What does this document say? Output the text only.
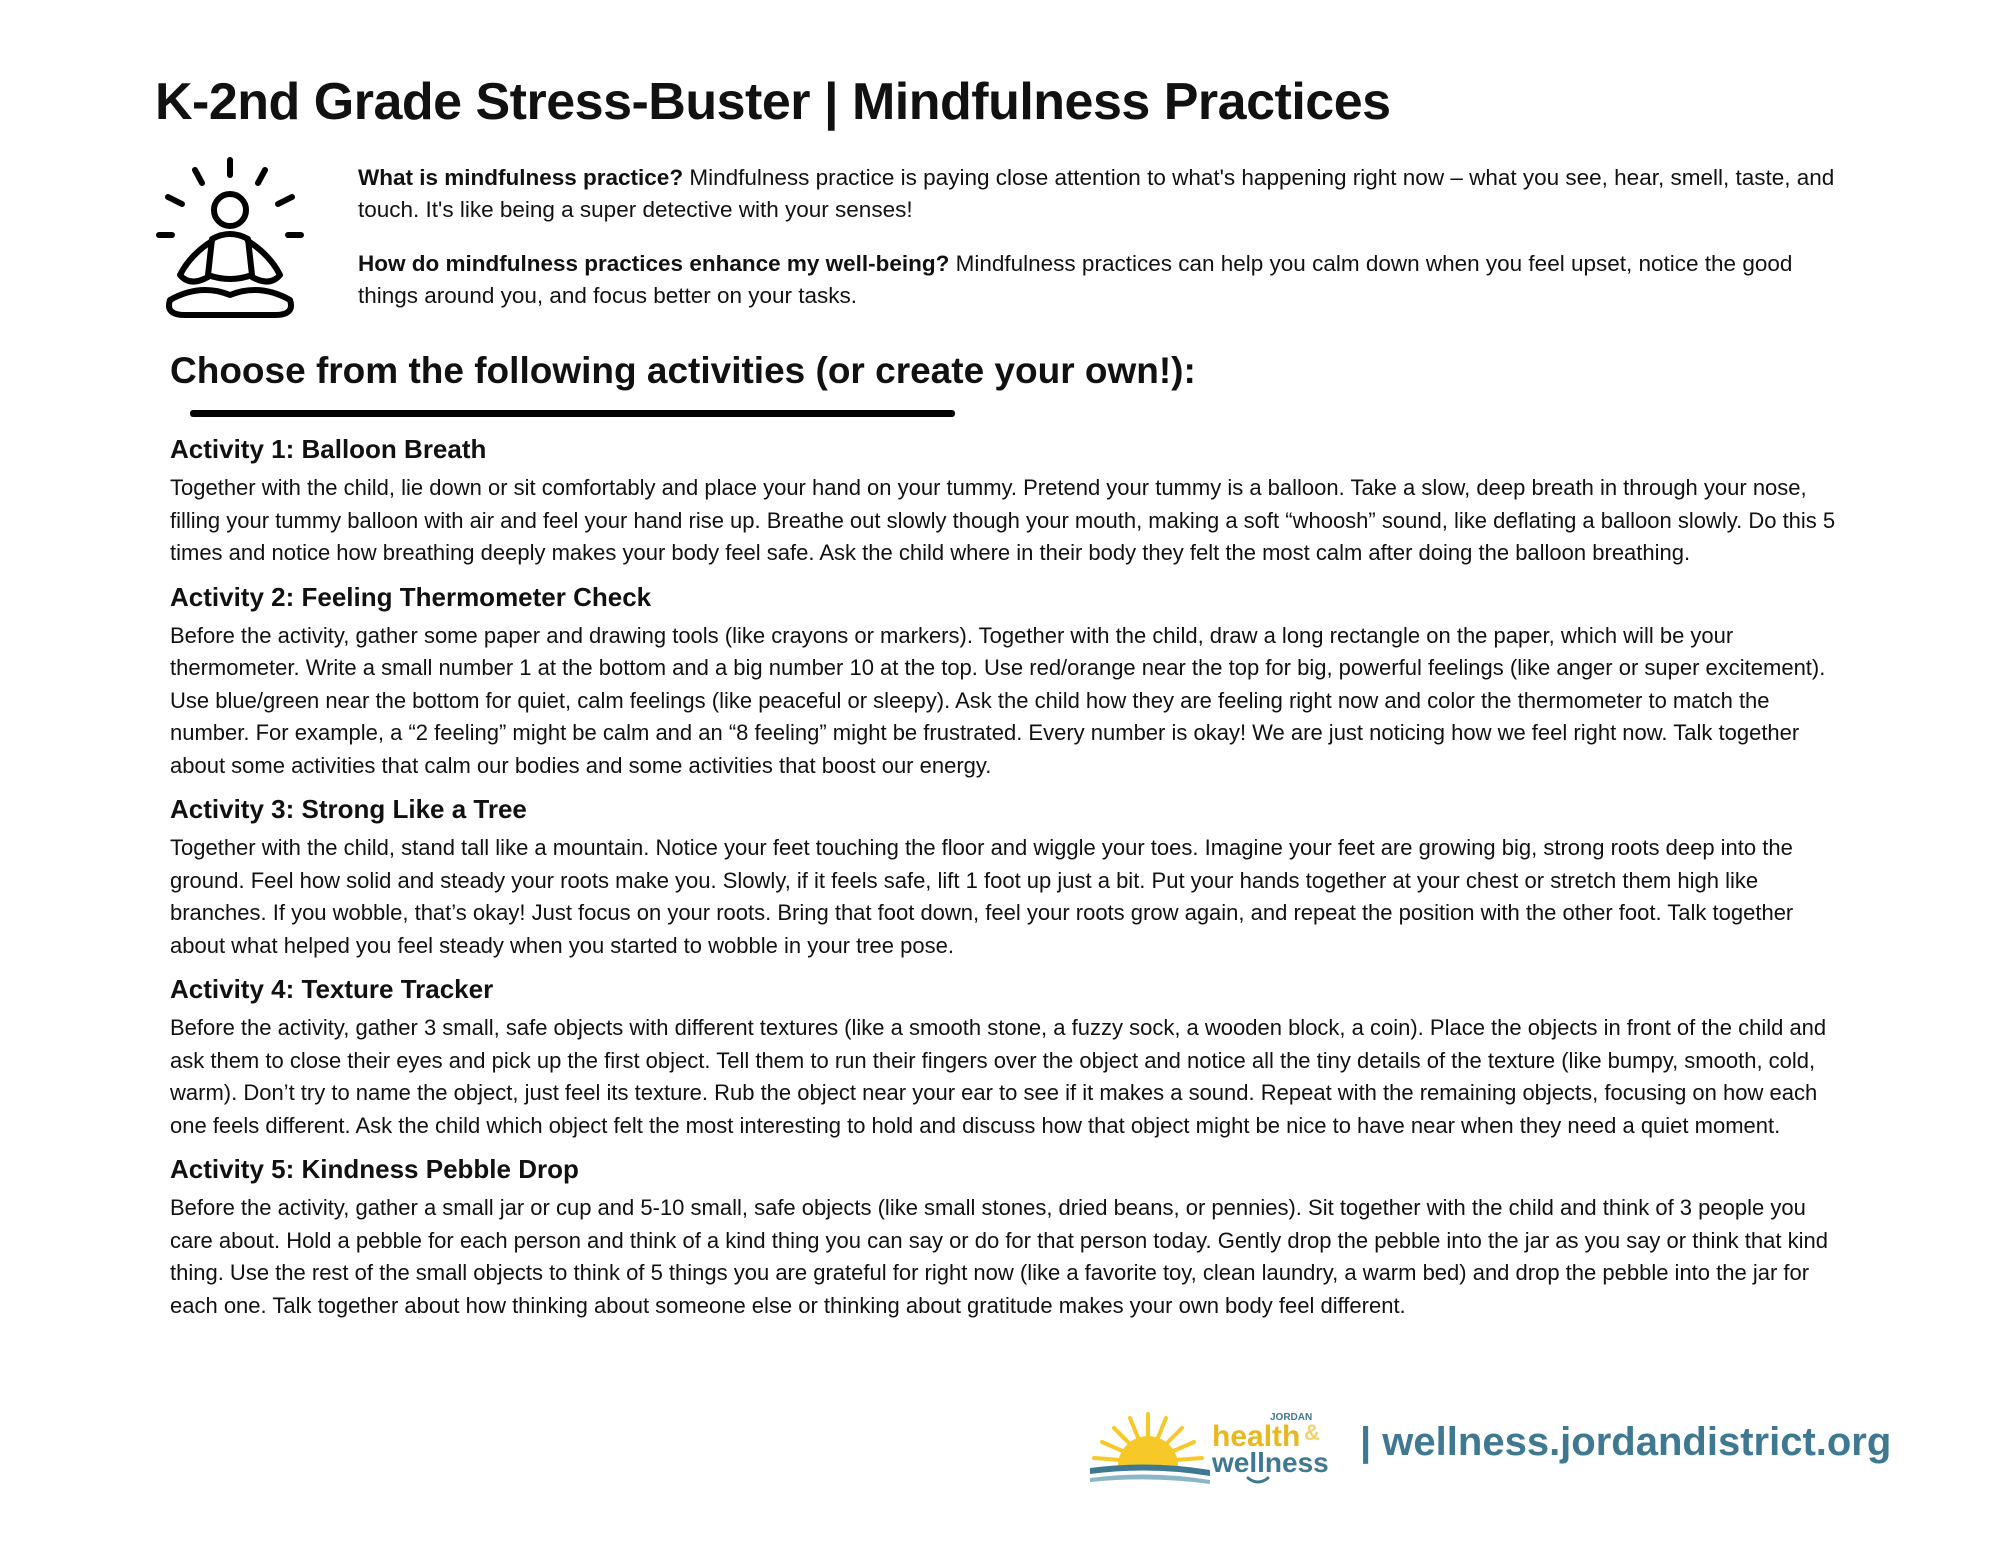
K-2nd Grade Stress-Buster | Mindfulness Practices

What is mindfulness practice? Mindfulness practice is paying close attention to what's happening right now – what you see, hear, smell, taste, and touch. It's like being a super detective with your senses!

How do mindfulness practices enhance my well-being? Mindfulness practices can help you calm down when you feel upset, notice the good things around you, and focus better on your tasks.

Choose from the following activities (or create your own!):
Activity 1: Balloon Breath

Together with the child, lie down or sit comfortably and place your hand on your tummy. Pretend your tummy is a balloon. Take a slow, deep breath in through your nose, filling your tummy balloon with air and feel your hand rise up. Breathe out slowly though your mouth, making a soft “whoosh” sound, like deflating a balloon slowly. Do this 5 times and notice how breathing deeply makes your body feel safe. Ask the child where in their body they felt the most calm after doing the balloon breathing.

Activity 2: Feeling Thermometer Check

Before the activity, gather some paper and drawing tools (like crayons or markers). Together with the child, draw a long rectangle on the paper, which will be your thermometer. Write a small number 1 at the bottom and a big number 10 at the top. Use red/orange near the top for big, powerful feelings (like anger or super excitement). Use blue/green near the bottom for quiet, calm feelings (like peaceful or sleepy). Ask the child how they are feeling right now and color the thermometer to match the number. For example, a “2 feeling” might be calm and an “8 feeling” might be frustrated. Every number is okay! We are just noticing how we feel right now. Talk together about some activities that calm our bodies and some activities that boost our energy.

Activity 3: Strong Like a Tree

Together with the child, stand tall like a mountain. Notice your feet touching the floor and wiggle your toes. Imagine your feet are growing big, strong roots deep into the ground. Feel how solid and steady your roots make you. Slowly, if it feels safe, lift 1 foot up just a bit. Put your hands together at your chest or stretch them high like branches. If you wobble, that’s okay! Just focus on your roots. Bring that foot down, feel your roots grow again, and repeat the position with the other foot. Talk together about what helped you feel steady when you started to wobble in your tree pose.

Activity 4: Texture Tracker

Before the activity, gather 3 small, safe objects with different textures (like a smooth stone, a fuzzy sock, a wooden block, a coin). Place the objects in front of the child and ask them to close their eyes and pick up the first object. Tell them to run their fingers over the object and notice all the tiny details of the texture (like bumpy, smooth, cold, warm). Don’t try to name the object, just feel its texture. Rub the object near your ear to see if it makes a sound. Repeat with the remaining objects, focusing on how each one feels different. Ask the child which object felt the most interesting to hold and discuss how that object might be nice to have near when they need a quiet moment.

Activity 5: Kindness Pebble Drop

Before the activity, gather a small jar or cup and 5-10 small, safe objects (like small stones, dried beans, or pennies). Sit together with the child and think of 3 people you care about. Hold a pebble for each person and think of a kind thing you can say or do for that person today. Gently drop the pebble into the jar as you say or think that kind thing. Use the rest of the small objects to think of 5 things you are grateful for right now (like a favorite toy, clean laundry, a warm bed) and drop the pebble into the jar for each one. Talk together about how thinking about someone else or thinking about gratitude makes your own body feel different.

JORDAN
health &
wellness | wellness.jordandistrict.org
